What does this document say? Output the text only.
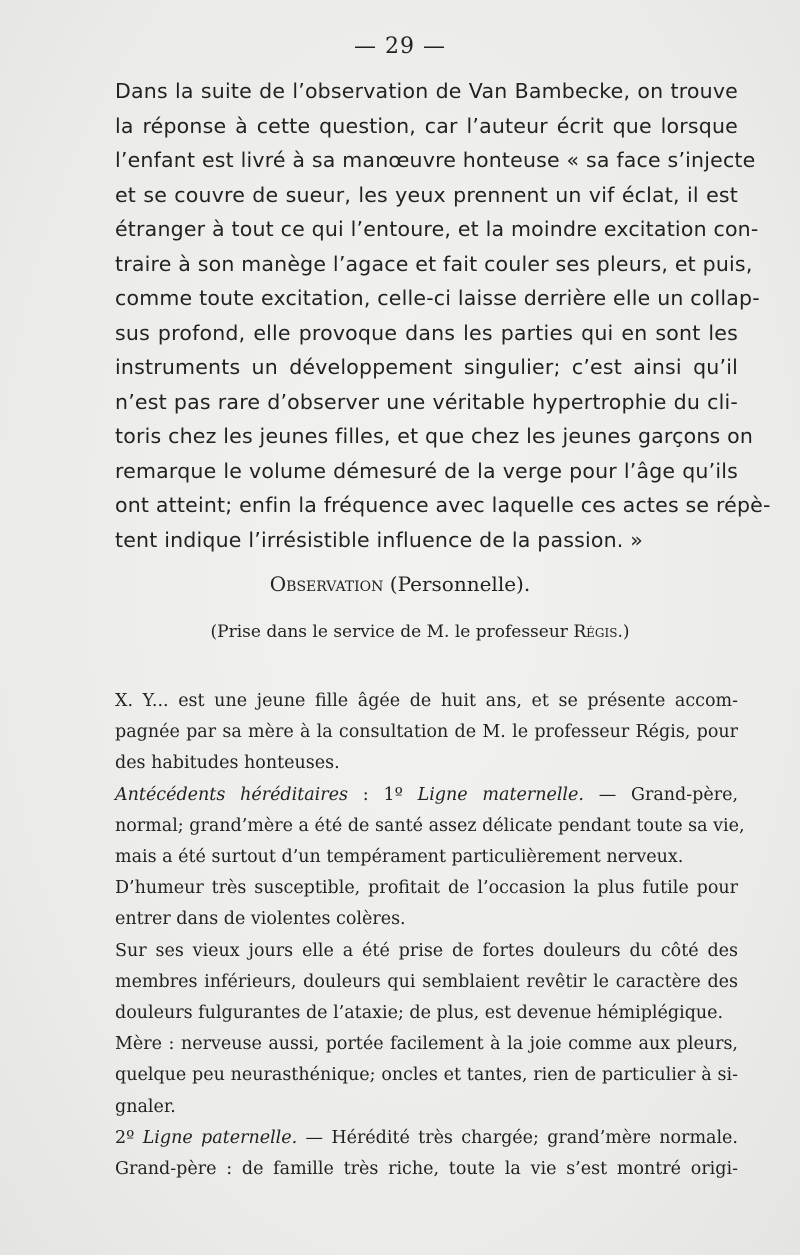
— 29 —
Dans la suite de l’observation de Van Bambecke, on trouve
la réponse à cette question, car l’auteur écrit que lorsque
l’enfant est livré à sa manœuvre honteuse « sa face s’injecte
et se couvre de sueur, les yeux prennent un vif éclat, il est
étranger à tout ce qui l’entoure, et la moindre excitation con-
traire à son manège l’agace et fait couler ses pleurs, et puis,
comme toute excitation, celle-ci laisse derrière elle un collap-
sus profond, elle provoque dans les parties qui en sont les
instruments un développement singulier; c’est ainsi qu’il
n’est pas rare d’observer une véritable hypertrophie du cli-
toris chez les jeunes filles, et que chez les jeunes garçons on
remarque le volume démesuré de la verge pour l’âge qu’ils
ont atteint; enfin la fréquence avec laquelle ces actes se répè-
tent indique l’irrésistible influence de la passion. »
Observation (Personnelle).
(Prise dans le service de M. le professeur Régis.)
X. Y... est une jeune fille âgée de huit ans, et se présente accom-
pagnée par sa mère à la consultation de M. le professeur Régis, pour
des habitudes honteuses.
Antécédents héréditaires : 1º Ligne maternelle. — Grand-père,
normal; grand’mère a été de santé assez délicate pendant toute sa vie,
mais a été surtout d’un tempérament particulièrement nerveux.
D’humeur très susceptible, profitait de l’occasion la plus futile pour
entrer dans de violentes colères.
Sur ses vieux jours elle a été prise de fortes douleurs du côté des
membres inférieurs, douleurs qui semblaient revêtir le caractère des
douleurs fulgurantes de l’ataxie; de plus, est devenue hémiplégique.
Mère : nerveuse aussi, portée facilement à la joie comme aux pleurs,
quelque peu neurasthénique; oncles et tantes, rien de particulier à si-
gnaler.
2º Ligne paternelle. — Hérédité très chargée; grand’mère normale.
Grand-père : de famille très riche, toute la vie s’est montré origi-
